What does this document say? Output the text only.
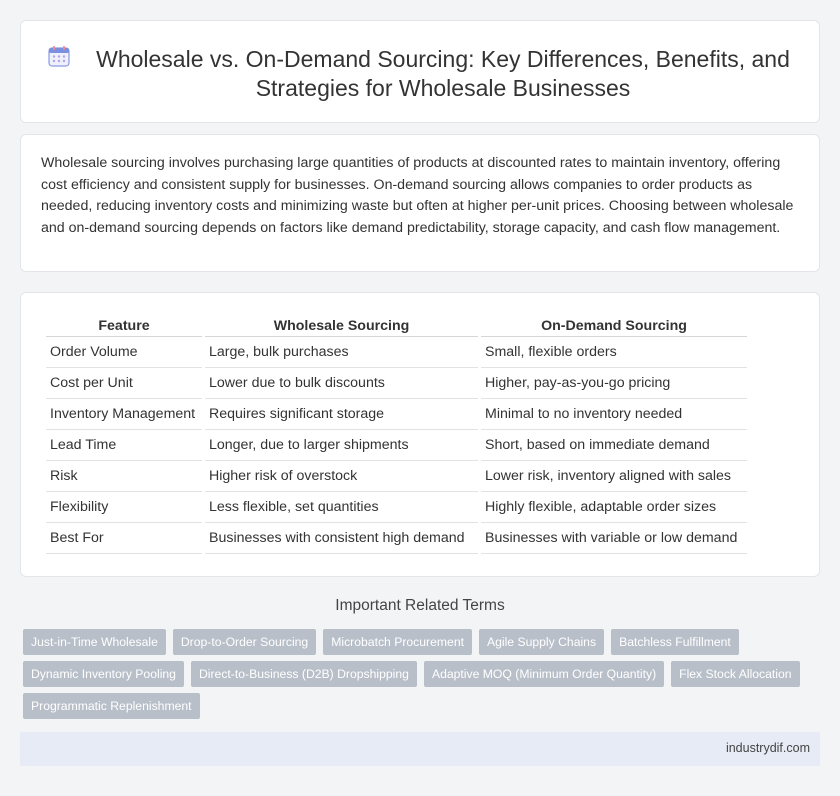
Wholesale vs. On-Demand Sourcing: Key Differences, Benefits, and Strategies for Wholesale Businesses

Wholesale sourcing involves purchasing large quantities of products at discounted rates to maintain inventory, offering cost efficiency and consistent supply for businesses. On-demand sourcing allows companies to order products as needed, reducing inventory costs and minimizing waste but often at higher per-unit prices. Choosing between wholesale and on-demand sourcing depends on factors like demand predictability, storage capacity, and cash flow management.

Feature	Wholesale Sourcing	On-Demand Sourcing
Order Volume	Large, bulk purchases	Small, flexible orders
Cost per Unit	Lower due to bulk discounts	Higher, pay-as-you-go pricing
Inventory Management	Requires significant storage	Minimal to no inventory needed
Lead Time	Longer, due to larger shipments	Short, based on immediate demand
Risk	Higher risk of overstock	Lower risk, inventory aligned with sales
Flexibility	Less flexible, set quantities	Highly flexible, adaptable order sizes
Best For	Businesses with consistent high demand	Businesses with variable or low demand
Important Related Terms
Just-in-Time Wholesale	Drop-to-Order Sourcing	Microbatch Procurement	Agile Supply Chains	Batchless Fulfillment
Dynamic Inventory Pooling	Direct-to-Business (D2B) Dropshipping	Adaptive MOQ (Minimum Order Quantity)	Flex Stock Allocation
Programmatic Replenishment
industrydif.com
